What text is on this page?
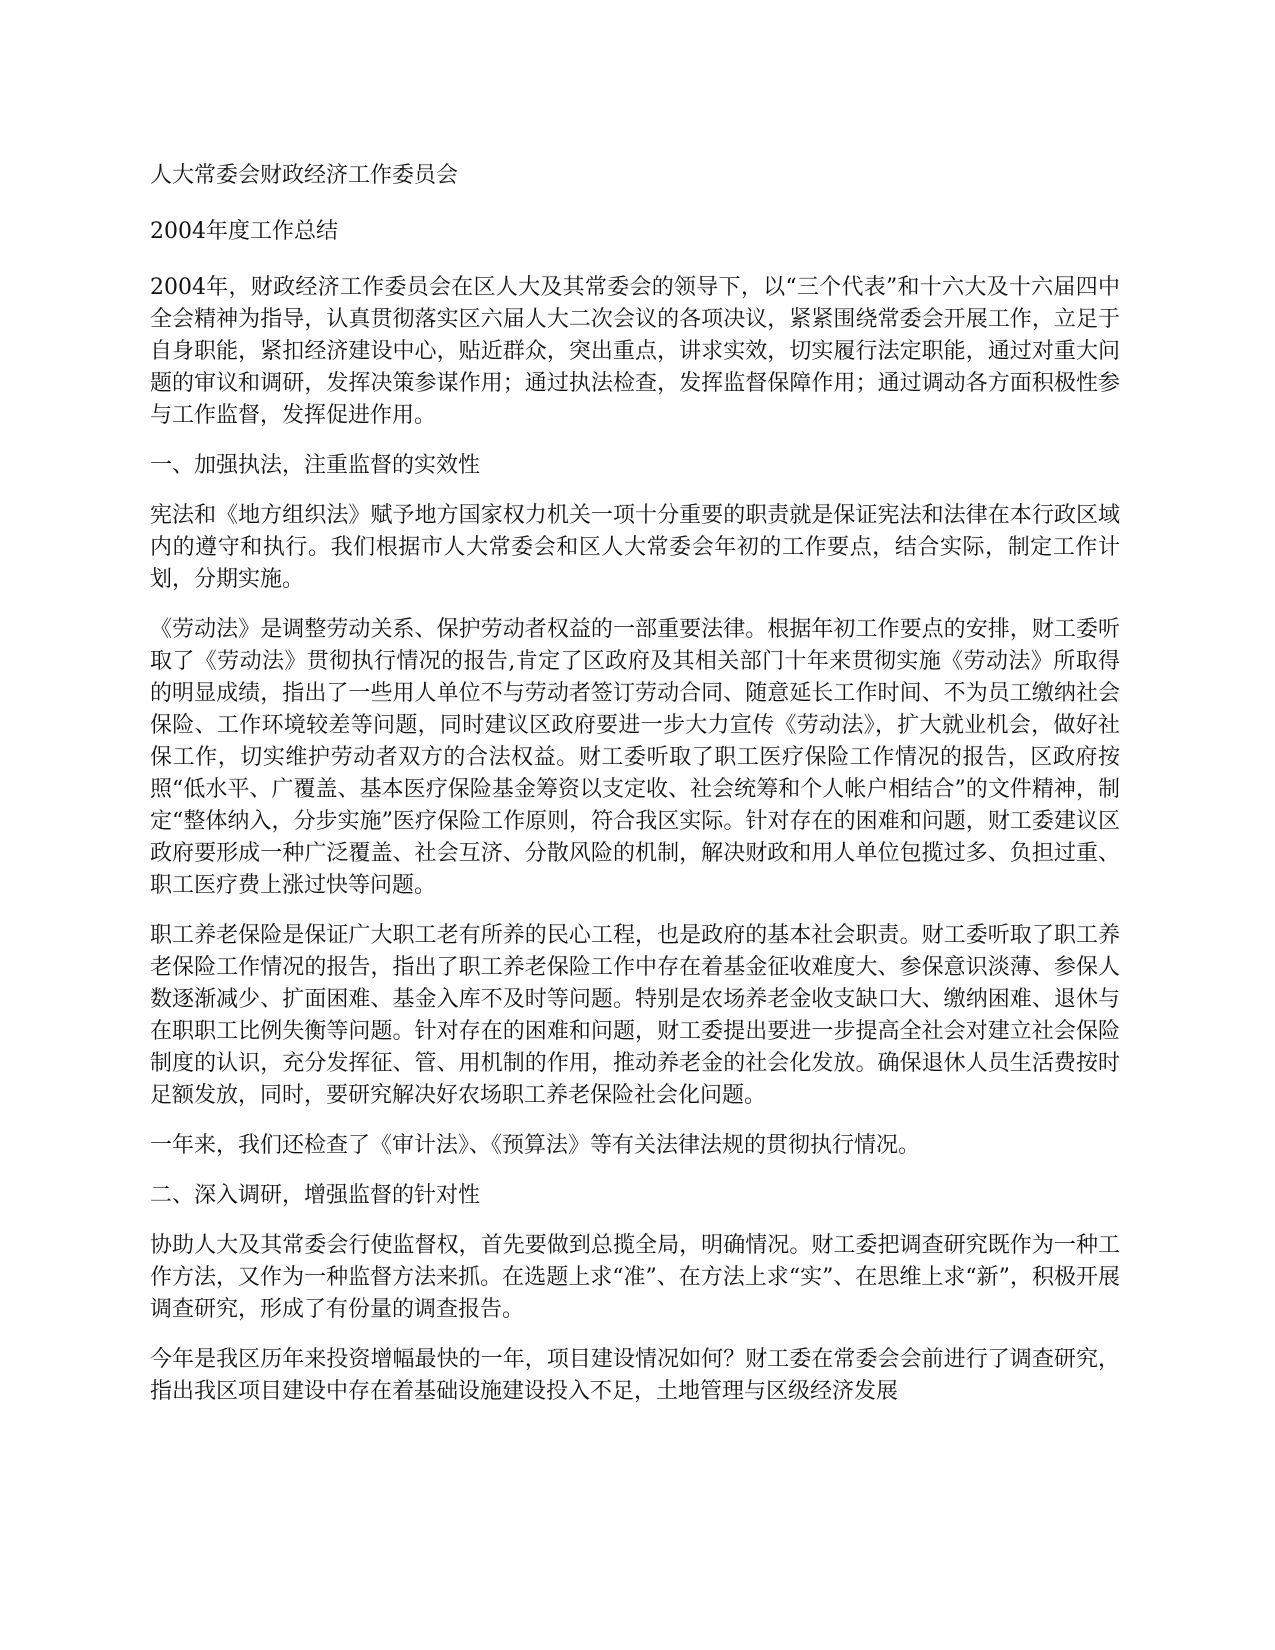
人大常委会财政经济工作委员会

2004年度工作总结

2004年，财政经济工作委员会在区人大及其常委会的领导下，以“三个代表”和十六大及十六届四中全会精神为指导，认真贯彻落实区六届人大二次会议的各项决议，紧紧围绕常委会开展工作，立足于自身职能，紧扣经济建设中心，贴近群众，突出重点，讲求实效，切实履行法定职能，通过对重大问题的审议和调研，发挥决策参谋作用；通过执法检查，发挥监督保障作用；通过调动各方面积极性参与工作监督，发挥促进作用。

一、加强执法，注重监督的实效性

宪法和《地方组织法》赋予地方国家权力机关一项十分重要的职责就是保证宪法和法律在本行政区域内的遵守和执行。我们根据市人大常委会和区人大常委会年初的工作要点，结合实际，制定工作计划，分期实施。

《劳动法》是调整劳动关系、保护劳动者权益的一部重要法律。根据年初工作要点的安排，财工委听取了《劳动法》贯彻执行情况的报告,肯定了区政府及其相关部门十年来贯彻实施《劳动法》所取得的明显成绩，指出了一些用人单位不与劳动者签订劳动合同、随意延长工作时间、不为员工缴纳社会保险、工作环境较差等问题，同时建议区政府要进一步大力宣传《劳动法》，扩大就业机会，做好社保工作，切实维护劳动者双方的合法权益。财工委听取了职工医疗保险工作情况的报告，区政府按照“低水平、广覆盖、基本医疗保险基金筹资以支定收、社会统筹和个人帐户相结合”的文件精神，制定“整体纳入，分步实施”医疗保险工作原则，符合我区实际。针对存在的困难和问题，财工委建议区政府要形成一种广泛覆盖、社会互济、分散风险的机制，解决财政和用人单位包揽过多、负担过重、职工医疗费上涨过快等问题。

职工养老保险是保证广大职工老有所养的民心工程，也是政府的基本社会职责。财工委听取了职工养老保险工作情况的报告，指出了职工养老保险工作中存在着基金征收难度大、参保意识淡薄、参保人数逐渐减少、扩面困难、基金入库不及时等问题。特别是农场养老金收支缺口大、缴纳困难、退休与在职职工比例失衡等问题。针对存在的困难和问题，财工委提出要进一步提高全社会对建立社会保险制度的认识，充分发挥征、管、用机制的作用，推动养老金的社会化发放。确保退休人员生活费按时足额发放，同时，要研究解决好农场职工养老保险社会化问题。

一年来，我们还检查了《审计法》、《预算法》等有关法律法规的贯彻执行情况。

二、深入调研，增强监督的针对性

协助人大及其常委会行使监督权，首先要做到总揽全局，明确情况。财工委把调查研究既作为一种工作方法，又作为一种监督方法来抓。在选题上求“准”、在方法上求“实”、在思维上求“新”，积极开展调查研究，形成了有份量的调查报告。

今年是我区历年来投资增幅最快的一年，项目建设情况如何？财工委在常委会会前进行了调查研究，指出我区项目建设中存在着基础设施建设投入不足，土地管理与区级经济发展
